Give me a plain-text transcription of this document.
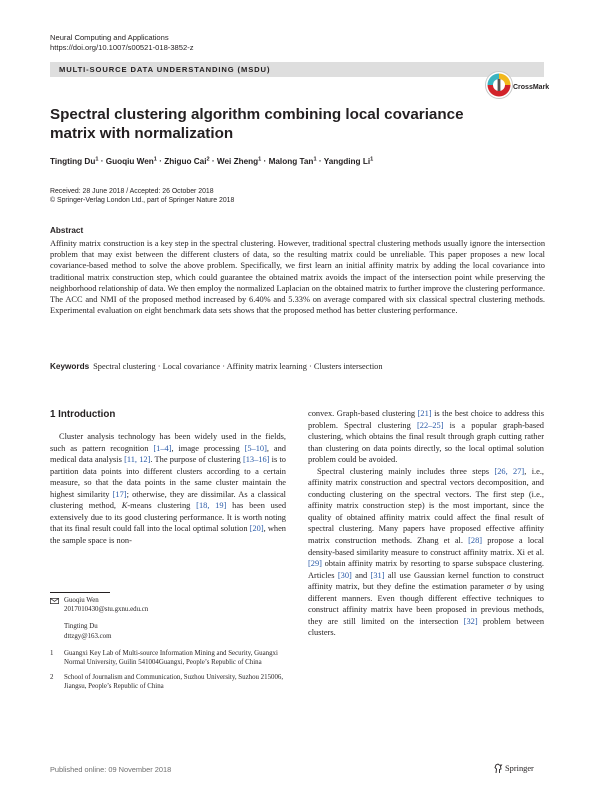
Neural Computing and Applications
https://doi.org/10.1007/s00521-018-3852-z
MULTI-SOURCE DATA UNDERSTANDING (MSDU)
CrossMark
Spectral clustering algorithm combining local covariance matrix with normalization
Tingting $Du^1$ · Guoqiu Wen$^1$ · Zhiguo Cai$^2$ · Wei Zheng$^1$ · Malong Tan$^1$ · Yangding Li$^1$
Received: 28 June 2018 / Accepted: 26 October 2018
© Springer-Verlag London Ltd., part of Springer Nature 2018
Abstract

Affinity matrix construction is a key step in the spectral clustering. However, traditional spectral clustering methods usually ignore the intersection problem that may exist between the different clusters of data, so the resulting matrix could be unreliable. This paper proposes a new local covariance-based method to solve the above problem. Specifically, we first learn an initial affinity matrix by adding the local covariance into traditional matrix construction step, which could guarantee the obtained matrix avoids the impact of the intersection point while preserving the neighborhood relationship of data. We then employ the normalized Laplacian on the obtained matrix to further improve the clustering performance. The ACC and NMI of the proposed method increased by 6.40% and 5.33% on average compared with six classical spectral clustering methods. Experimental evaluation on eight benchmark data sets shows that the proposed method has better clustering performance.

Keywords Spectral clustering · Local covariance · Affinity matrix learning · Clusters intersection
1 Introduction

Cluster analysis technology has been widely used in the fields, such as pattern recognition [1–4], image processing [5–10], and medical data analysis [11, 12]. The purpose of clustering [13–16] is to partition data points into different clusters according to a certain measure, so that the data points in the same cluster maintain the highest similarity [17]; otherwise, they are dissimilar. As a classical clustering method, K-means clustering [18, 19] has been used extensively due to its good clustering performance. It is worth noting that its final result could fall into the local optimal solution [20], when the sample space is non-

convex. Graph-based clustering [21] is the best choice to address this problem. Spectral clustering [22–25] is a popular graph-based clustering, which obtains the final result through graph cutting rather than clustering on data points directly, so the local optimal solution problem could be avoided.

Spectral clustering mainly includes three steps [26, 27], i.e., affinity matrix construction and spectral vectors decomposition, and conducting clustering on the spectral vectors. The first step (i.e., affinity matrix construction step) is the most important, since the quality of obtained affinity matrix could affect the final result of spectral clustering. Many papers have proposed effective affinity matrix construction methods. Zhang et al. [28] propose a local density-based similarity measure to construct affinity matrix. Xi et al. [29] obtain affinity matrix by resorting to sparse subspace clustering. Articles [30] and [31] all use Gaussian kernel function to construct affinity matrix, but they define the estimation parameter σ by using different manners. Even though different effective techniques to construct affinity matrix have been proposed in previous methods, they are still limited on the intersection [32] problem between clusters.

Guoqiu Wen
2017010430@stu.gxnu.edu.cn
Tingting Du
dttzgy@163.com
1 Guangxi Key Lab of Multi-source Information Mining and Security, Guangxi Normal University, Guilin 541004Guangxi, People’s Republic of China
2 School of Journalism and Communication, Suzhou University, Suzhou 215006, Jiangsu, People’s Republic of China
Published online: 09 November 2018	Springer
